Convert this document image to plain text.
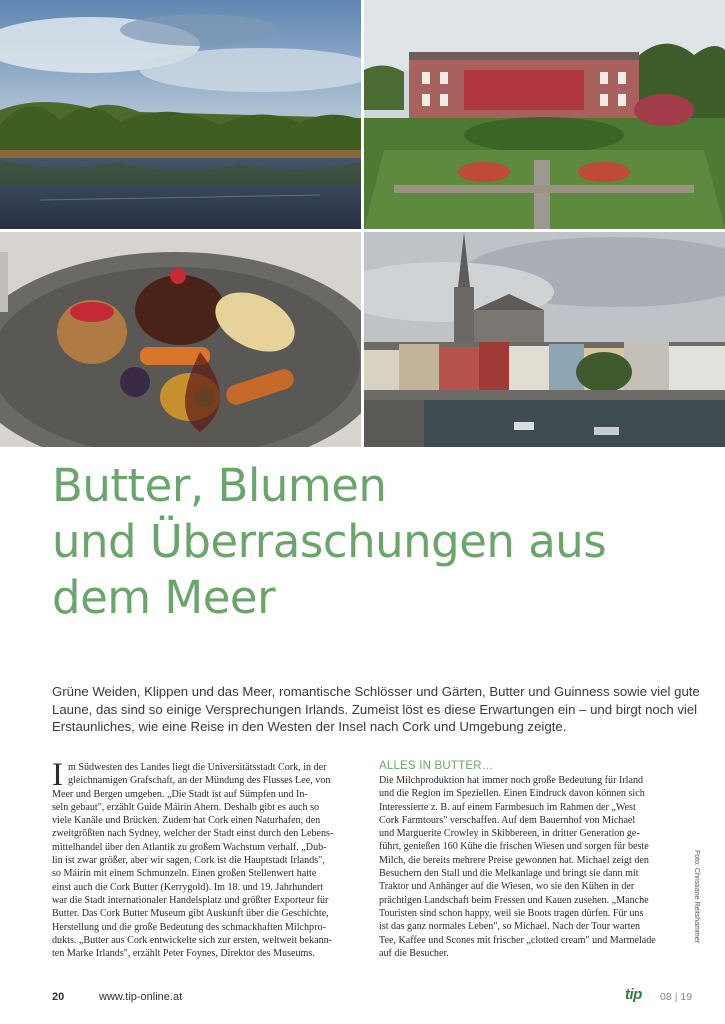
Butter, Blumen
und Überraschungen aus
dem Meer

Grüne Weiden, Klippen und das Meer, romantische Schlösser und Gärten, Butter und Guinness sowie viel gute
Laune, das sind so einige Versprechungen Irlands. Zumeist löst es diese Erwartungen ein – und birgt noch viel
Erstaunliches, wie eine Reise in den Westen der Insel nach Cork und Umgebung zeigte.

I m Südwesten des Landes liegt die Universitätsstadt Cork, in der
gleichnamigen Grafschaft, an der Mündung des Flusses Lee, von
Meer und Bergen umgeben. „Die Stadt ist auf Sümpfen und In-
seln gebaut", erzählt Guide Máirín Ahern. Deshalb gibt es auch so
viele Kanäle und Brücken. Zudem hat Cork einen Naturhafen, den
zweitgrößten nach Sydney, welcher der Stadt einst durch den Lebens-
mittelhandel über den Atlantik zu großem Wachstum verhalf. „Dub-
lin ist zwar größer, aber wir sagen, Cork ist die Hauptstadt Irlands",
so Máirín mit einem Schmunzeln. Einen großen Stellenwert hatte
einst auch die Cork Butter (Kerrygold). Im 18. und 19. Jahrhundert
war die Stadt internationaler Handelsplatz und größter Exporteur für
Butter. Das Cork Butter Museum gibt Auskunft über die Geschichte,
Herstellung und die große Bedeutung des schmackhaften Milchpro-
dukts. „Butter aus Cork entwickelte sich zur ersten, weltweit bekann-
ten Marke Irlands", erzählt Peter Foynes, Direktor des Museums.
ALLES IN BUTTER…
Die Milchproduktion hat immer noch große Bedeutung für Irland
und die Region im Speziellen. Einen Eindruck davon können sich
Interessierte z. B. auf einem Farmbesuch im Rahmen der „West
Cork Farmtours" verschaffen. Auf dem Bauernhof von Michael
und Marguerite Crowley in Skibbereen, in dritter Generation ge-
führt, genießen 160 Kühe die frischen Wiesen und sorgen für beste
Milch, die bereits mehrere Preise gewonnen hat. Michael zeigt den
Besuchern den Stall und die Melkanlage und bringt sie dann mit
Traktor und Anhänger auf die Wiesen, wo sie den Kühen in der
prächtigen Landschaft beim Fressen und Kauen zusehen. „Manche
Touristen sind schon happy, weil sie Boots tragen dürfen. Für uns
ist das ganz normales Leben", so Michael. Nach der Tour warten
Tee, Kaffee und Scones mit frischer „clotted cream" und Marmelade
auf die Besucher.
Foto: Christiane Reitshammer
20	www.tip-online.at	tip 08 | 19
